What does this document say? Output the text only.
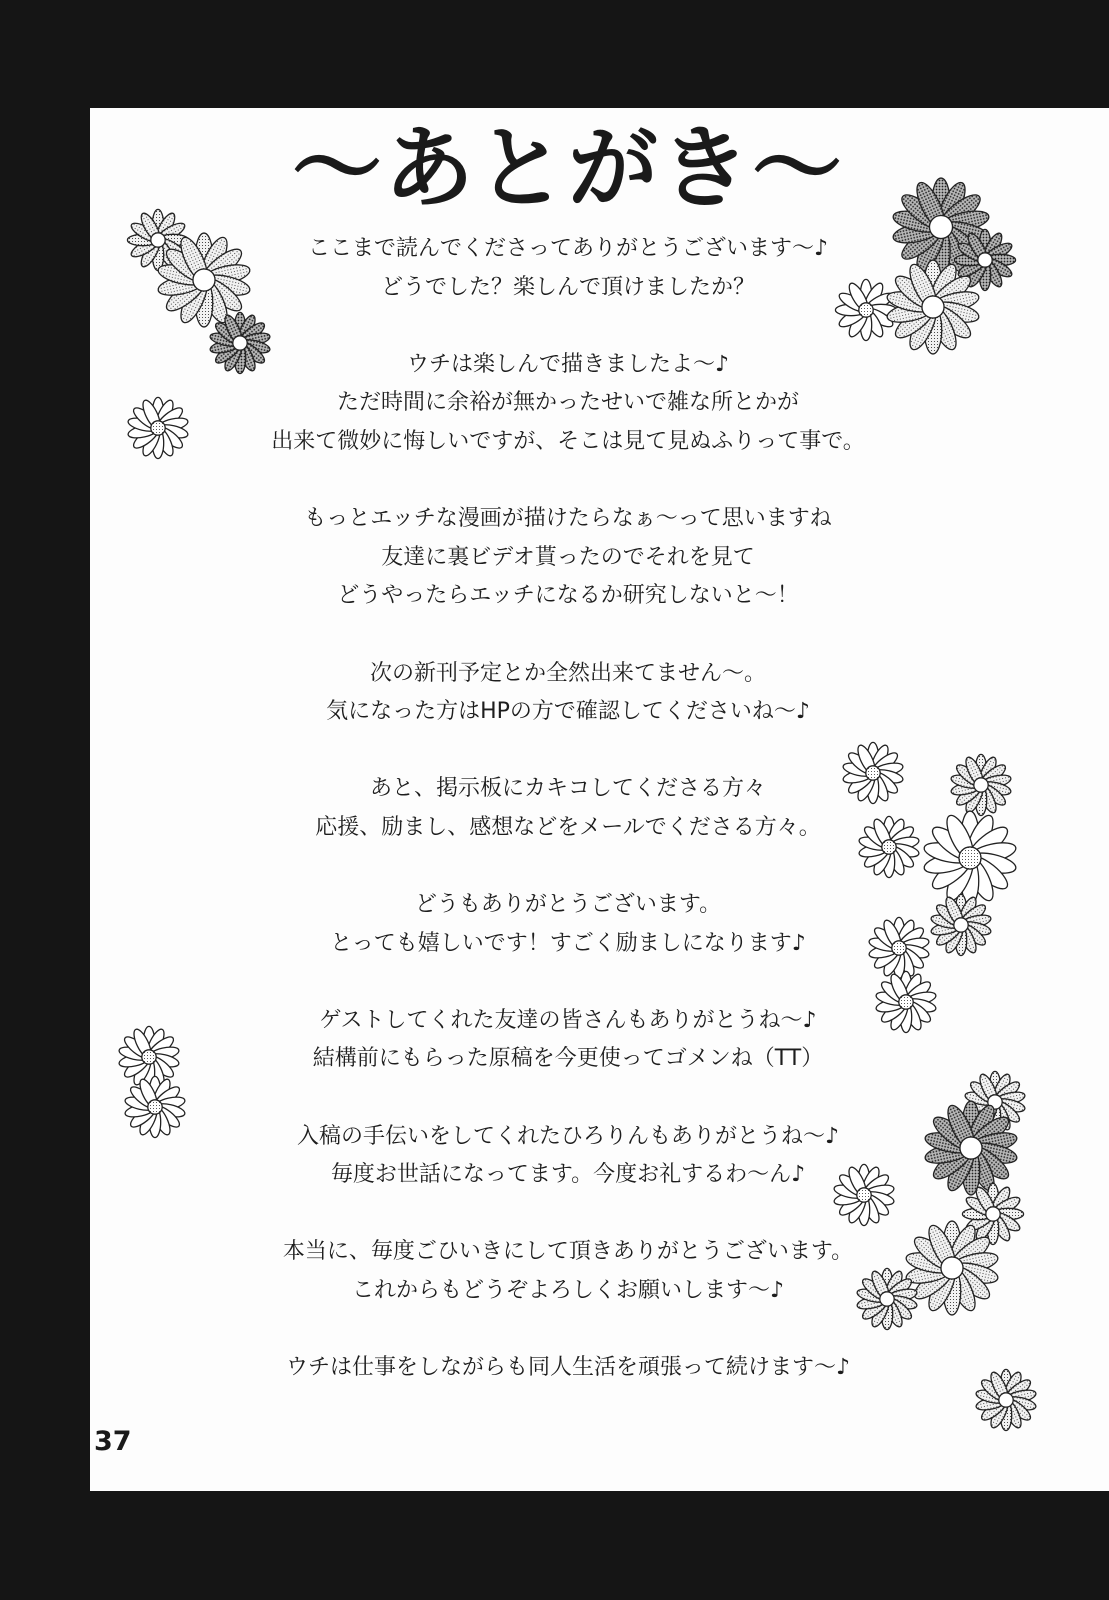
～あとがき～

ここまで読んでくださってありがとうございます～♪
どうでした？楽しんで頂けましたか？

ウチは楽しんで描きましたよ～♪
ただ時間に余裕が無かったせいで雑な所とかが
出来て微妙に悔しいですが、そこは見て見ぬふりって事で。

もっとエッチな漫画が描けたらなぁ～って思いますね
友達に裏ビデオ貰ったのでそれを見て
どうやったらエッチになるか研究しないと～！

次の新刊予定とか全然出来てません～。
気になった方はHPの方で確認してくださいね～♪

あと、掲示板にカキコしてくださる方々
応援、励まし、感想などをメールでくださる方々。

どうもありがとうございます。
とっても嬉しいです！すごく励ましになります♪

ゲストしてくれた友達の皆さんもありがとうね～♪
結構前にもらった原稿を今更使ってゴメンね（TT）

入稿の手伝いをしてくれたひろりんもありがとうね～♪
毎度お世話になってます。今度お礼するわ～ん♪

本当に、毎度ごひいきにして頂きありがとうございます。
これからもどうぞよろしくお願いします～♪

ウチは仕事をしながらも同人生活を頑張って続けます～♪

37
